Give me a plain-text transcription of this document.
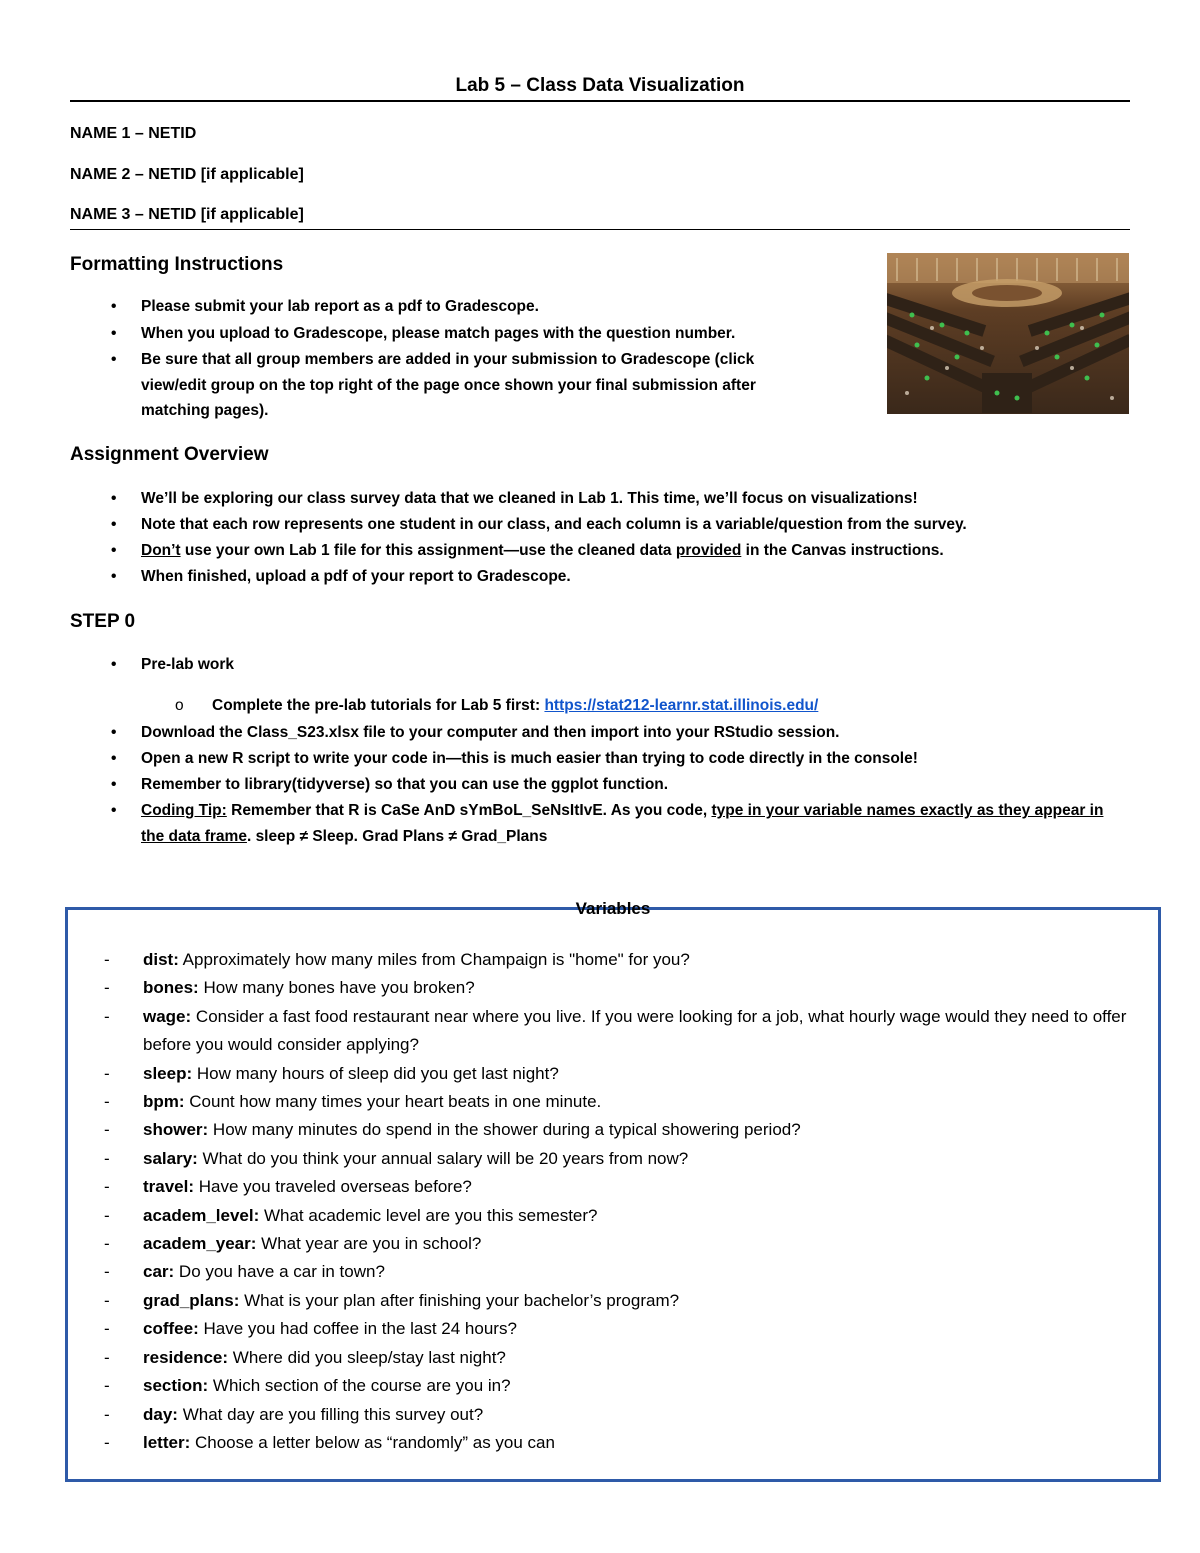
Lab 5 – Class Data Visualization
NAME 1 – NETID
NAME 2 – NETID [if applicable]
NAME 3 – NETID [if applicable]
Formatting Instructions
• Please submit your lab report as a pdf to Gradescope.
• When you upload to Gradescope, please match pages with the question number.
• Be sure that all group members are added in your submission to Gradescope (click view/edit group on the top right of the page once shown your final submission after matching pages).
Assignment Overview
• We’ll be exploring our class survey data that we cleaned in Lab 1. This time, we’ll focus on visualizations!
• Note that each row represents one student in our class, and each column is a variable/question from the survey.
• Don’t use your own Lab 1 file for this assignment—use the cleaned data provided in the Canvas instructions.
• When finished, upload a pdf of your report to Gradescope.
STEP 0
• Pre-lab work
o Complete the pre-lab tutorials for Lab 5 first: https://stat212-learnr.stat.illinois.edu/
• Download the Class_S23.xlsx file to your computer and then import into your RStudio session.
• Open a new R script to write your code in—this is much easier than trying to code directly in the console!
• Remember to library(tidyverse) so that you can use the ggplot function.
• Coding Tip: Remember that R is CaSe AnD sYmBoL_SeNsItIvE. As you code, type in your variable names exactly as they appear in the data frame. sleep ≠ Sleep. Grad Plans ≠ Grad_Plans
Variables
- dist: Approximately how many miles from Champaign is "home" for you?
- bones: How many bones have you broken?
- wage: Consider a fast food restaurant near where you live. If you were looking for a job, what hourly wage would they need to offer before you would consider applying?
- sleep: How many hours of sleep did you get last night?
- bpm: Count how many times your heart beats in one minute.
- shower: How many minutes do spend in the shower during a typical showering period?
- salary: What do you think your annual salary will be 20 years from now?
- travel: Have you traveled overseas before?
- academ_level: What academic level are you this semester?
- academ_year: What year are you in school?
- car: Do you have a car in town?
- grad_plans: What is your plan after finishing your bachelor’s program?
- coffee: Have you had coffee in the last 24 hours?
- residence: Where did you sleep/stay last night?
- section: Which section of the course are you in?
- day: What day are you filling this survey out?
- letter: Choose a letter below as “randomly” as you can
